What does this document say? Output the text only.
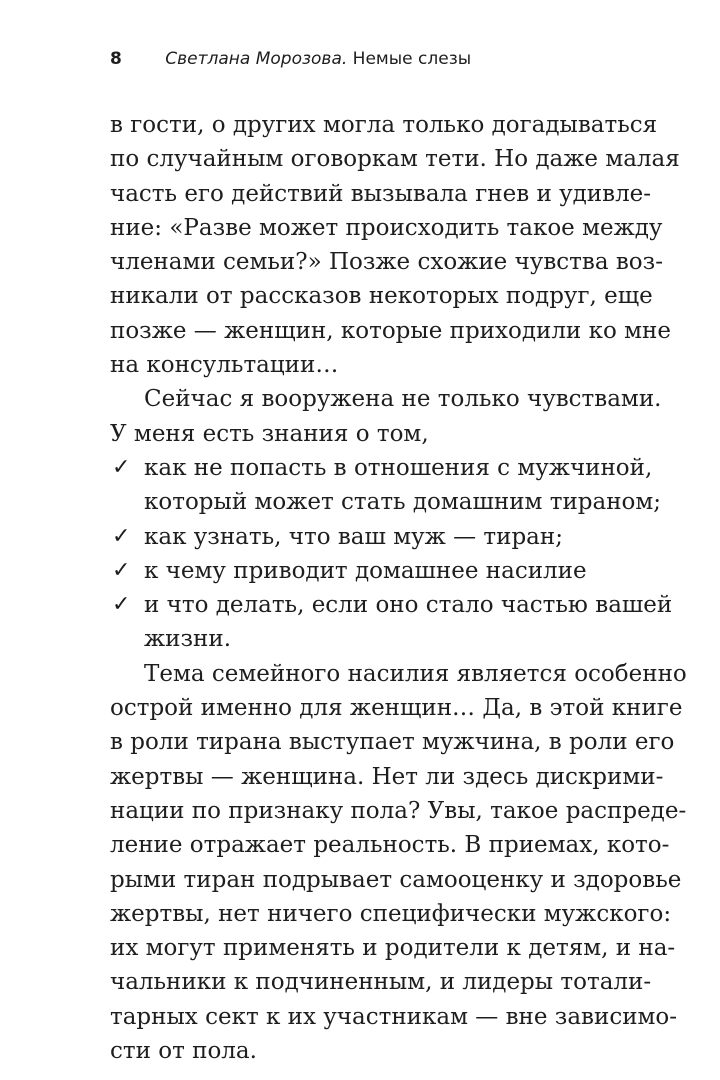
8	Светлана Морозова. Немые слезы
в гости, о других могла только догадываться
по случайным оговоркам тети. Но даже малая
часть его действий вызывала гнев и удивле-
ние: «Разве может происходить такое между
членами семьи?» Позже схожие чувства воз-
никали от рассказов некоторых подруг, еще
позже — женщин, которые приходили ко мне
на консультации…
Сейчас я вооружена не только чувствами.
У меня есть знания о том,
✓ как не попасть в отношения с мужчиной,
который может стать домашним тираном;
✓ как узнать, что ваш муж — тиран;
✓ к чему приводит домашнее насилие
✓ и что делать, если оно стало частью вашей
жизни.
Тема семейного насилия является особенно
острой именно для женщин… Да, в этой книге
в роли тирана выступает мужчина, в роли его
жертвы — женщина. Нет ли здесь дискрими-
нации по признаку пола? Увы, такое распреде-
ление отражает реальность. В приемах, кото-
рыми тиран подрывает самооценку и здоровье
жертвы, нет ничего специфически мужского:
их могут применять и родители к детям, и на-
чальники к подчиненным, и лидеры тотали-
тарных сект к их участникам — вне зависимо-
сти от пола.
